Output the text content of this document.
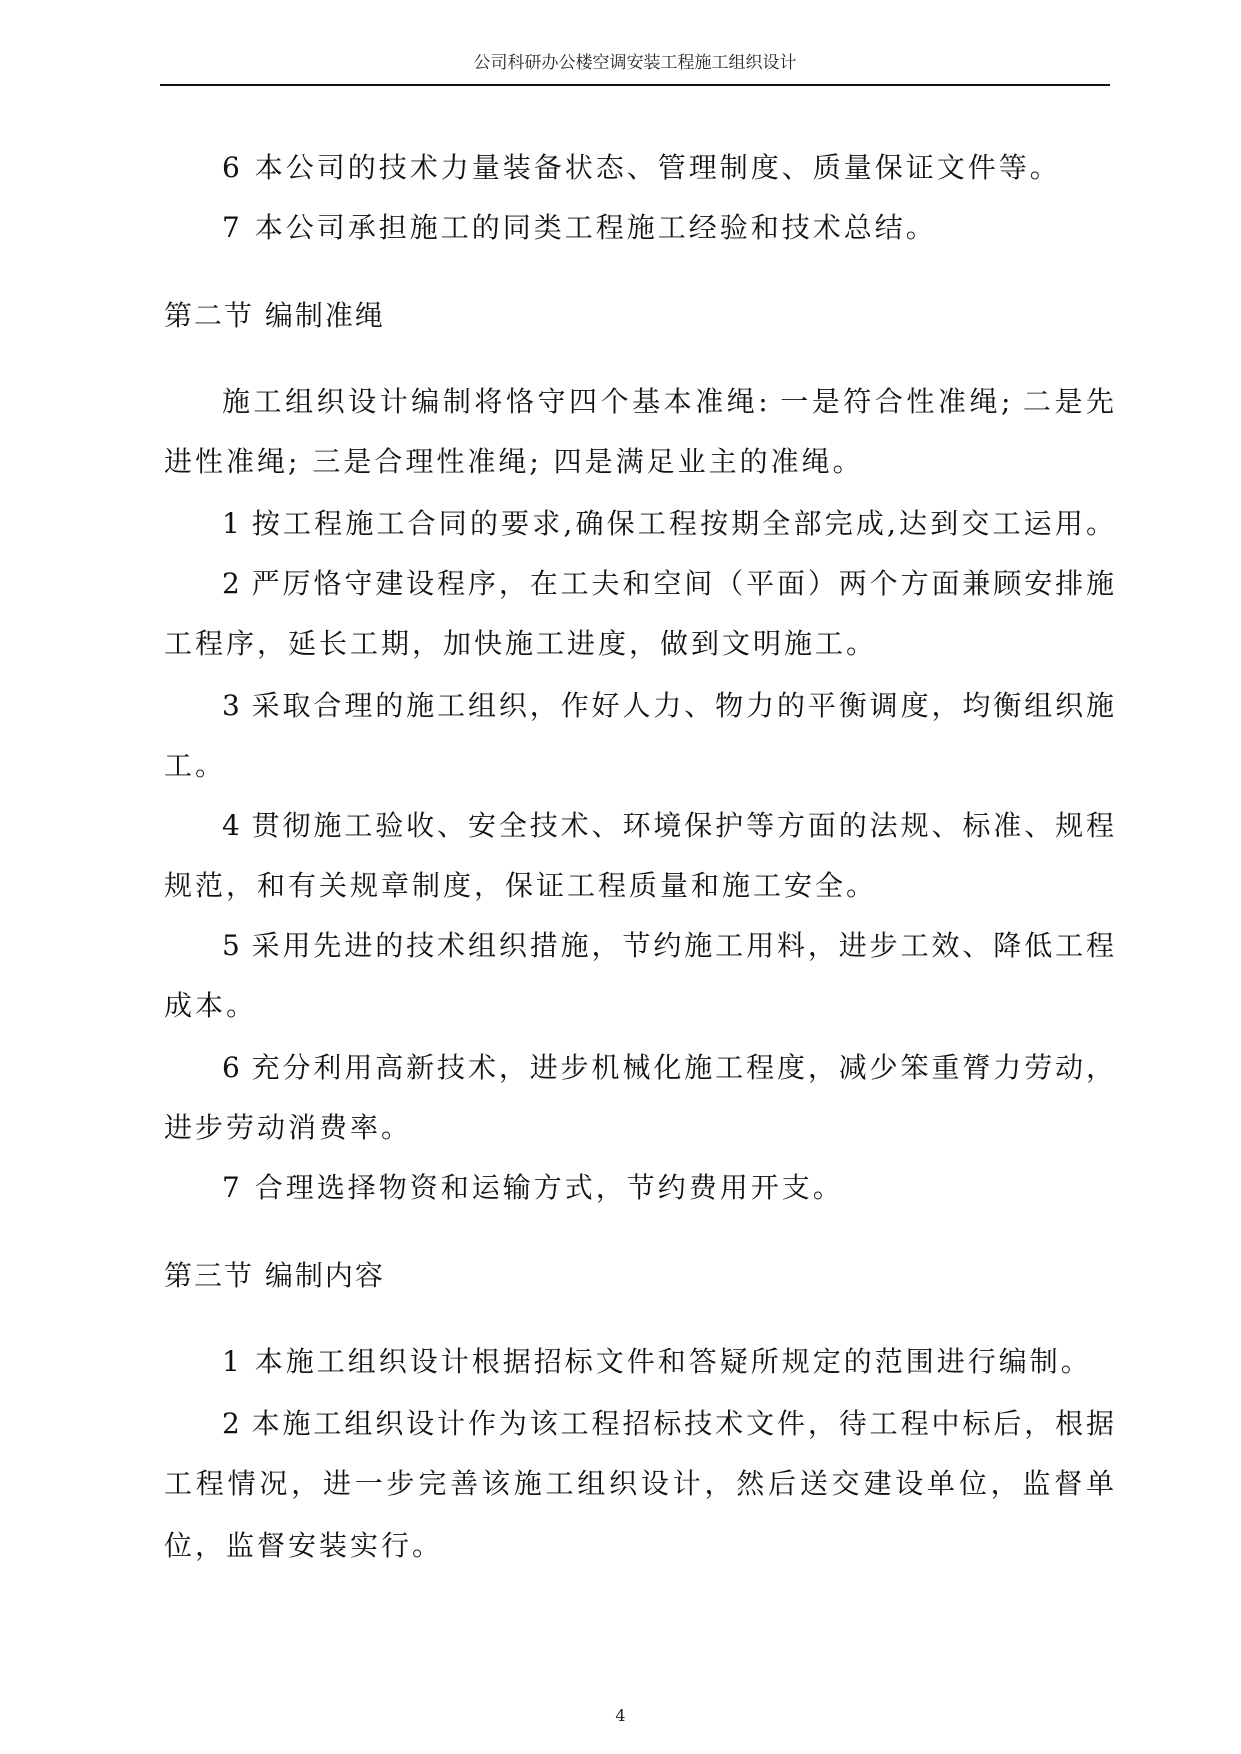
公司科研办公楼空调安装工程施工组织设计
6 本公司的技术力量装备状态、管理制度、质量保证文件等。
7 本公司承担施工的同类工程施工经验和技术总结。
第二节 编制准绳
施工组织设计编制将恪守四个基本准绳: 一是符合性准绳; 二是先
进性准绳; 三是合理性准绳; 四是满足业主的准绳。
1 按工程施工合同的要求,确保工程按期全部完成,达到交工运用。
2 严厉恪守建设程序，在工夫和空间（平面）两个方面兼顾安排施
工程序，延长工期，加快施工进度，做到文明施工。
3 采取合理的施工组织，作好人力、物力的平衡调度，均衡组织施
工。
4 贯彻施工验收、安全技术、环境保护等方面的法规、标准、规程
规范，和有关规章制度，保证工程质量和施工安全。
5 采用先进的技术组织措施，节约施工用料，进步工效、降低工程
成本。
6 充分利用高新技术，进步机械化施工程度，减少笨重膂力劳动，
进步劳动消费率。
7 合理选择物资和运输方式，节约费用开支。
第三节 编制内容
1 本施工组织设计根据招标文件和答疑所规定的范围进行编制。
2 本施工组织设计作为该工程招标技术文件，待工程中标后，根据
工程情况，进一步完善该施工组织设计，然后送交建设单位，监督单
位，监督安装实行。
4
